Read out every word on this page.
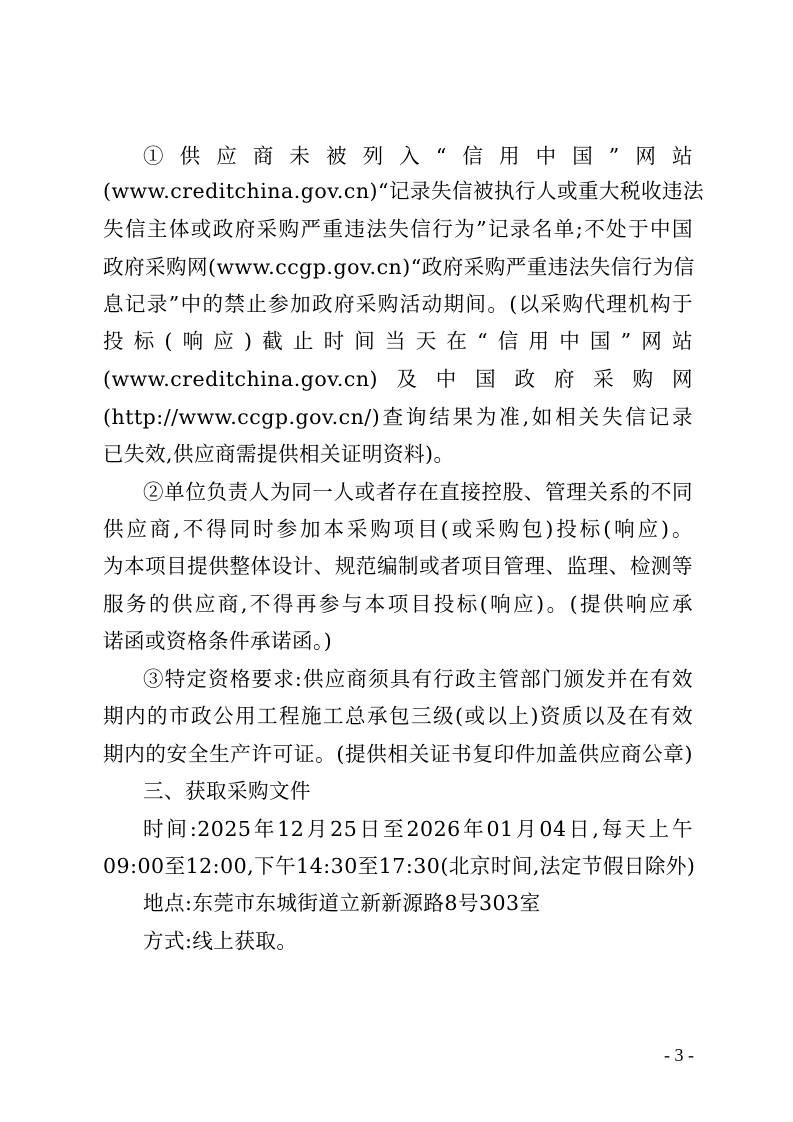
①供应商未被列入“信用中国”网站
(www.creditchina.gov.cn)“记录失信被执行人或重大税收违法
失信主体或政府采购严重违法失信行为”记录名单;不处于中国
政府采购网(www.ccgp.gov.cn)“政府采购严重违法失信行为信
息记录”中的禁止参加政府采购活动期间。(以采购代理机构于
投标(响应)截止时间当天在“信用中国”网站
(www.creditchina.gov.cn)及中国政府采购网
(http://www.ccgp.gov.cn/)查询结果为准,如相关失信记录
已失效,供应商需提供相关证明资料)。
②单位负责人为同一人或者存在直接控股、管理关系的不同
供应商,不得同时参加本采购项目(或采购包)投标(响应)。
为本项目提供整体设计、规范编制或者项目管理、监理、检测等
服务的供应商,不得再参与本项目投标(响应)。(提供响应承
诺函或资格条件承诺函。)
③特定资格要求:供应商须具有行政主管部门颁发并在有效
期内的市政公用工程施工总承包三级(或以上)资质以及在有效
期内的安全生产许可证。(提供相关证书复印件加盖供应商公章)
三、获取采购文件
时间:2025年12月25日至2026年01月04日,每天上午
09:00至12:00,下午14:30至17:30(北京时间,法定节假日除外)
地点:东莞市东城街道立新新源路8号303室
方式:线上获取。
- 3 -
